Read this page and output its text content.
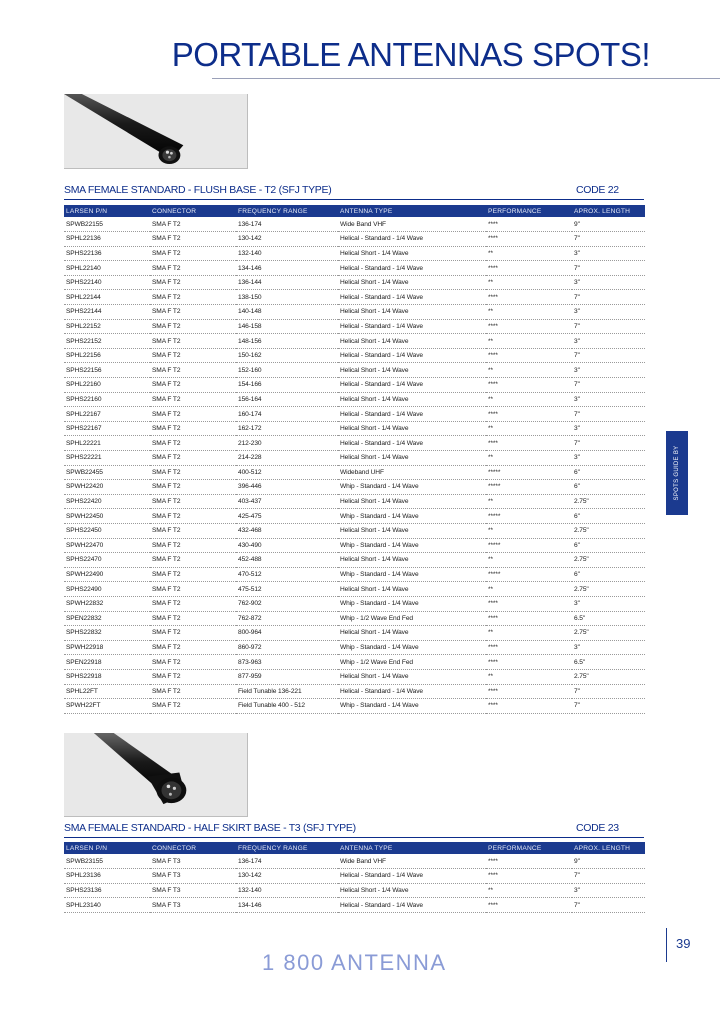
PORTABLE ANTENNAS SPOTS!
SMA FEMALE STANDARD - FLUSH BASE - T2 (SFJ TYPE)	CODE 22
LARSEN P/N	CONNECTOR	FREQUENCY RANGE	ANTENNA TYPE	PERFORMANCE	APROX. LENGTH
SPWB22155	SMA F T2	136-174	Wide Band VHF	****	9"
SPHL22136	SMA F T2	130-142	Helical - Standard - 1/4 Wave	****	7"
SPHS22136	SMA F T2	132-140	Helical Short - 1/4 Wave	**	3"
SPHL22140	SMA F T2	134-146	Helical - Standard - 1/4 Wave	****	7"
SPHS22140	SMA F T2	136-144	Helical Short - 1/4 Wave	**	3"
SPHL22144	SMA F T2	138-150	Helical - Standard - 1/4 Wave	****	7"
SPHS22144	SMA F T2	140-148	Helical Short - 1/4 Wave	**	3"
SPHL22152	SMA F T2	146-158	Helical - Standard - 1/4 Wave	****	7"
SPHS22152	SMA F T2	148-156	Helical Short - 1/4 Wave	**	3"
SPHL22156	SMA F T2	150-162	Helical - Standard - 1/4 Wave	****	7"
SPHS22156	SMA F T2	152-160	Helical Short - 1/4 Wave	**	3"
SPHL22160	SMA F T2	154-166	Helical - Standard - 1/4 Wave	****	7"
SPHS22160	SMA F T2	156-164	Helical Short - 1/4 Wave	**	3"
SPHL22167	SMA F T2	160-174	Helical - Standard - 1/4 Wave	****	7"
SPHS22167	SMA F T2	162-172	Helical Short - 1/4 Wave	**	3"
SPHL22221	SMA F T2	212-230	Helical - Standard - 1/4 Wave	****	7"
SPHS22221	SMA F T2	214-228	Helical Short - 1/4 Wave	**	3"
SPWB22455	SMA F T2	400-512	Wideband UHF	*****	6"
SPWH22420	SMA F T2	396-446	Whip - Standard - 1/4 Wave	*****	6"
SPHS22420	SMA F T2	403-437	Helical Short - 1/4 Wave	**	2.75"
SPWH22450	SMA F T2	425-475	Whip - Standard - 1/4 Wave	*****	6"
SPHS22450	SMA F T2	432-468	Helical Short - 1/4 Wave	**	2.75"
SPWH22470	SMA F T2	430-490	Whip - Standard - 1/4 Wave	*****	6"
SPHS22470	SMA F T2	452-488	Helical Short - 1/4 Wave	**	2.75"
SPWH22490	SMA F T2	470-512	Whip - Standard - 1/4 Wave	*****	6"
SPHS22490	SMA F T2	475-512	Helical Short - 1/4 Wave	**	2.75"
SPWH22832	SMA F T2	762-902	Whip - Standard - 1/4 Wave	****	3"
SPEN22832	SMA F T2	762-872	Whip - 1/2 Wave End Fed	****	6.5"
SPHS22832	SMA F T2	800-964	Helical Short - 1/4 Wave	**	2.75"
SPWH22918	SMA F T2	860-972	Whip - Standard - 1/4 Wave	****	3"
SPEN22918	SMA F T2	873-963	Whip - 1/2 Wave End Fed	****	6.5"
SPHS22918	SMA F T2	877-959	Helical Short - 1/4 Wave	**	2.75"
SPHL22FT	SMA F T2	Field Tunable 136-221	Helical - Standard - 1/4 Wave	****	7"
SPWH22FT	SMA F T2	Field Tunable 400 - 512	Whip - Standard - 1/4 Wave	****	7"
SMA FEMALE STANDARD - HALF SKIRT BASE - T3 (SFJ TYPE)	CODE 23
LARSEN P/N	CONNECTOR	FREQUENCY RANGE	ANTENNA TYPE	PERFORMANCE	APROX. LENGTH
SPWB23155	SMA F T3	136-174	Wide Band VHF	****	9"
SPHL23136	SMA F T3	130-142	Helical - Standard - 1/4 Wave	****	7"
SPHS23136	SMA F T3	132-140	Helical Short - 1/4 Wave	**	3"
SPHL23140	SMA F T3	134-146	Helical - Standard - 1/4 Wave	****	7"
SPOTS GUIDE BY
39
1 800 ANTENNA
